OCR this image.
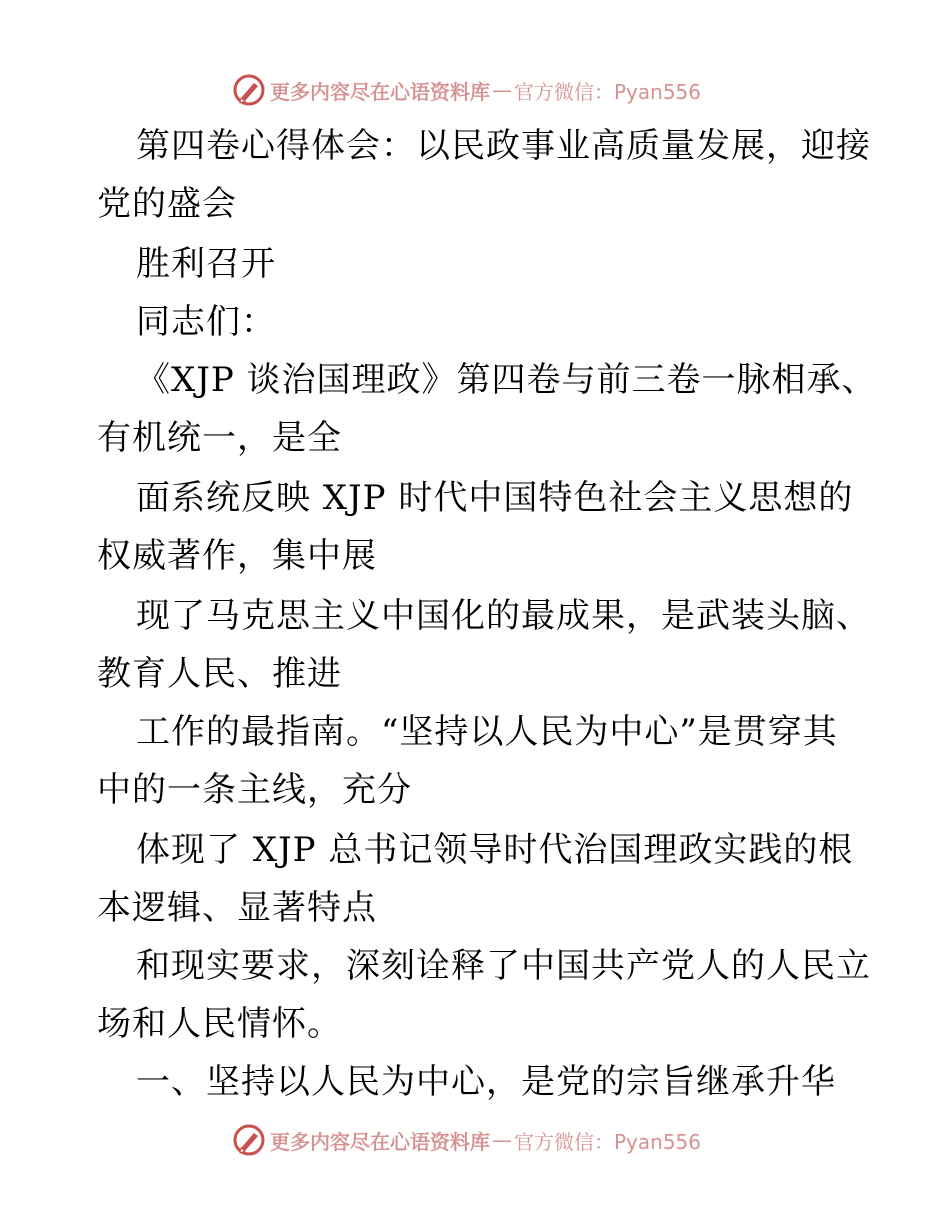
更多内容尽在心语资料库 — 官方微信：Pyan556
第四卷心得体会：以民政事业高质量发展，迎接
党的盛会
胜利召开
同志们：
《XJP 谈治国理政》第四卷与前三卷一脉相承、
有机统一，是全
面系统反映 XJP 时代中国特色社会主义思想的
权威著作，集中展
现了马克思主义中国化的最成果，是武装头脑、
教育人民、推进
工作的最指南。“坚持以人民为中心”是贯穿其
中的一条主线，充分
体现了 XJP 总书记领导时代治国理政实践的根
本逻辑、显著特点
和现实要求，深刻诠释了中国共产党人的人民立
场和人民情怀。
一、坚持以人民为中心，是党的宗旨继承升华
更多内容尽在心语资料库 — 官方微信：Pyan556
